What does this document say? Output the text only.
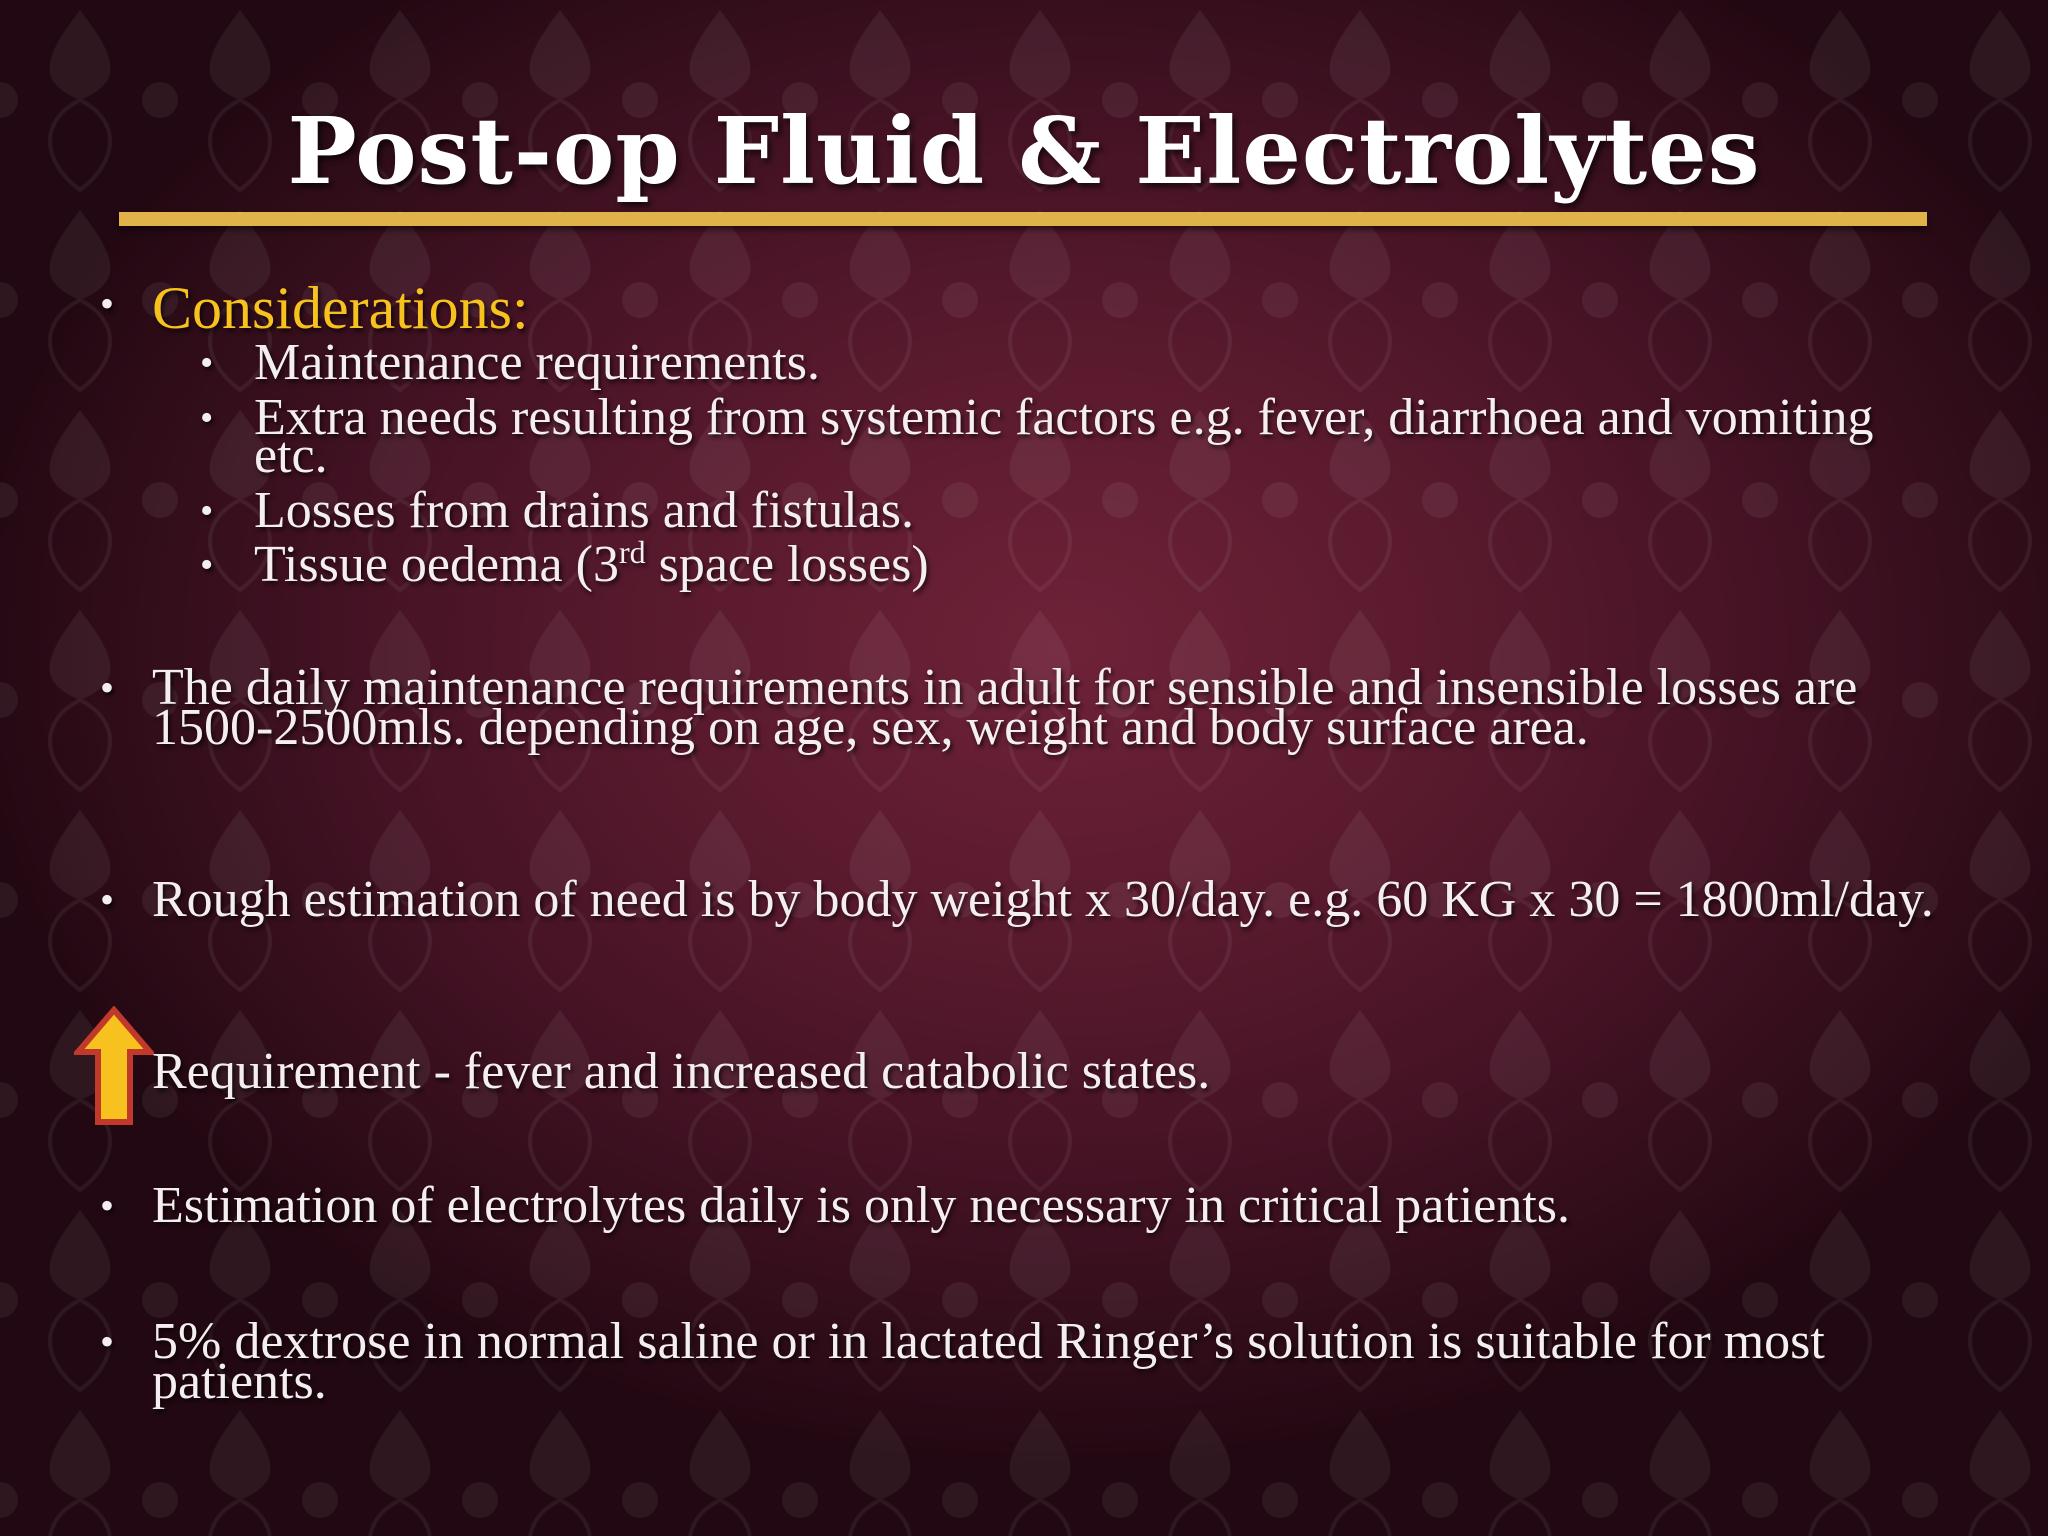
Post-op Fluid & Electrolytes
• Considerations:
• Maintenance requirements.
• Extra needs resulting from systemic factors e.g. fever, diarrhoea and vomiting etc.
• Losses from drains and fistulas.
• Tissue oedema (3rd space losses)
• The daily maintenance requirements in adult for sensible and insensible losses are 1500-2500mls. depending on age, sex, weight and body surface area.
• Rough estimation of need is by body weight x 30/day. e.g. 60 KG x 30 = 1800ml/day.
Requirement - fever and increased catabolic states.
• Estimation of electrolytes daily is only necessary in critical patients.
• 5% dextrose in normal saline or in lactated Ringer’s solution is suitable for most patients.
